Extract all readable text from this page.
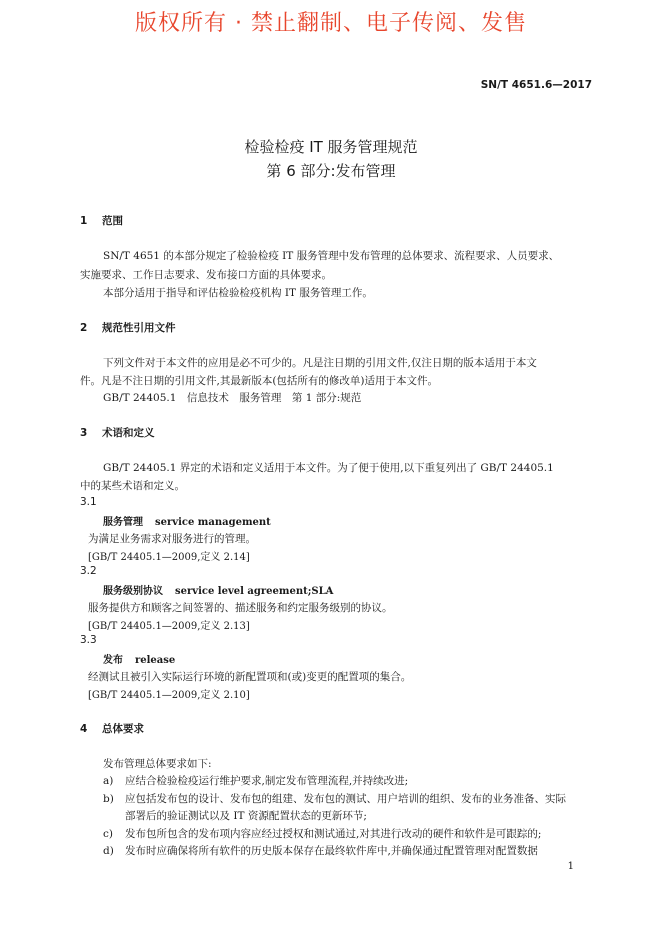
版权所有 · 禁止翻制、电子传阅、发售
SN/T 4651.6—2017
检验检疫 IT 服务管理规范
第 6 部分:发布管理
1 范围
SN/T 4651 的本部分规定了检验检疫 IT 服务管理中发布管理的总体要求、流程要求、人员要求、
实施要求、工作日志要求、发布接口方面的具体要求。
本部分适用于指导和评估检验检疫机构 IT 服务管理工作。
2 规范性引用文件
下列文件对于本文件的应用是必不可少的。凡是注日期的引用文件,仅注日期的版本适用于本文
件。凡是不注日期的引用文件,其最新版本(包括所有的修改单)适用于本文件。
GB/T 24405.1　信息技术　服务管理　第 1 部分:规范
3 术语和定义
GB/T 24405.1 界定的术语和定义适用于本文件。为了便于使用,以下重复列出了 GB/T 24405.1
中的某些术语和定义。
3.1
服务管理 service management
为满足业务需求对服务进行的管理。
[GB/T 24405.1—2009,定义 2.14]
3.2
服务级别协议 service level agreement;SLA
服务提供方和顾客之间签署的、描述服务和约定服务级别的协议。
[GB/T 24405.1—2009,定义 2.13]
3.3
发布 release
经测试且被引入实际运行环境的新配置项和(或)变更的配置项的集合。
[GB/T 24405.1—2009,定义 2.10]
4 总体要求
发布管理总体要求如下:
a) 应结合检验检疫运行维护要求,制定发布管理流程,并持续改进;
b) 应包括发布包的设计、发布包的组建、发布包的测试、用户培训的组织、发布的业务准备、实际
部署后的验证测试以及 IT 资源配置状态的更新环节;
c) 发布包所包含的发布项内容应经过授权和测试通过,对其进行改动的硬件和软件是可跟踪的;
d) 发布时应确保将所有软件的历史版本保存在最终软件库中,并确保通过配置管理对配置数据
1
